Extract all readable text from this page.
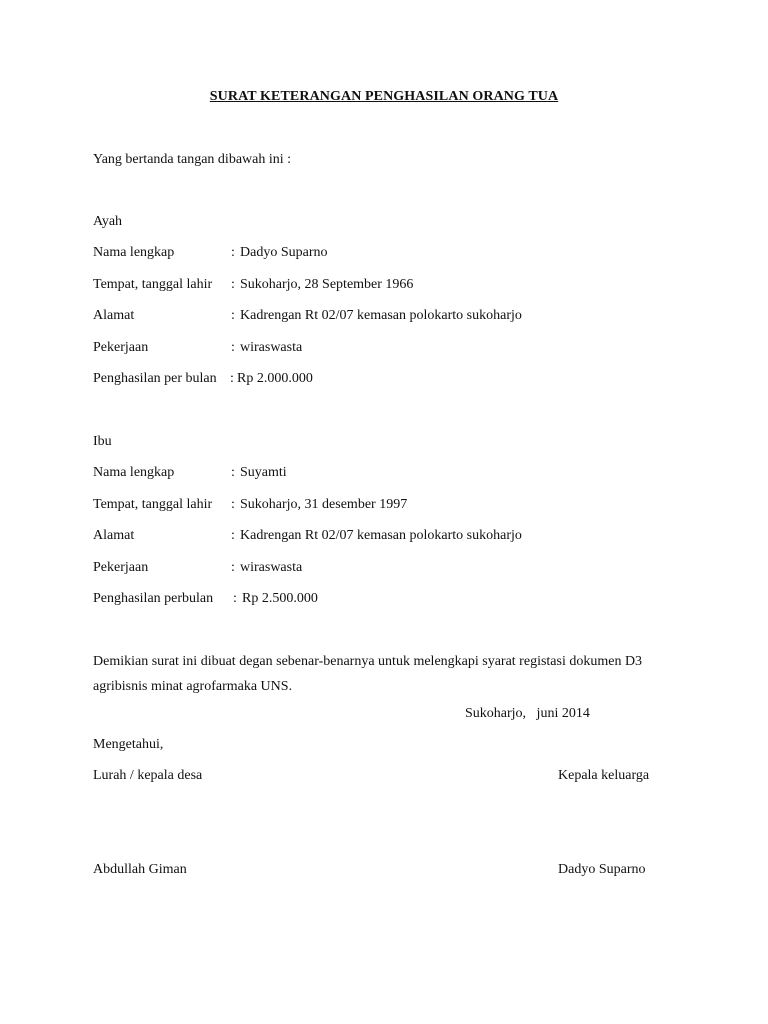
SURAT KETERANGAN PENGHASILAN ORANG TUA
Yang bertanda tangan dibawah ini :
Ayah
Nama lengkap	: Dadyo Suparno
Tempat, tanggal lahir : Sukoharjo, 28 September 1966
Alamat	: Kadrengan Rt 02/07 kemasan polokarto sukoharjo
Pekerjaan	: wiraswasta
Penghasilan per bulan : Rp 2.000.000
Ibu
Nama lengkap	: Suyamti
Tempat, tanggal lahir : Sukoharjo, 31 desember 1997
Alamat	: Kadrengan Rt 02/07 kemasan polokarto sukoharjo
Pekerjaan	: wiraswasta
Penghasilan perbulan : Rp 2.500.000
Demikian surat ini dibuat degan sebenar-benarnya untuk melengkapi syarat registasi dokumen D3 agribisnis minat agrofarmaka UNS.
Sukoharjo,   juni 2014
Mengetahui,
Lurah / kepala desa	Kepala keluarga
Abdullah Giman	Dadyo Suparno
